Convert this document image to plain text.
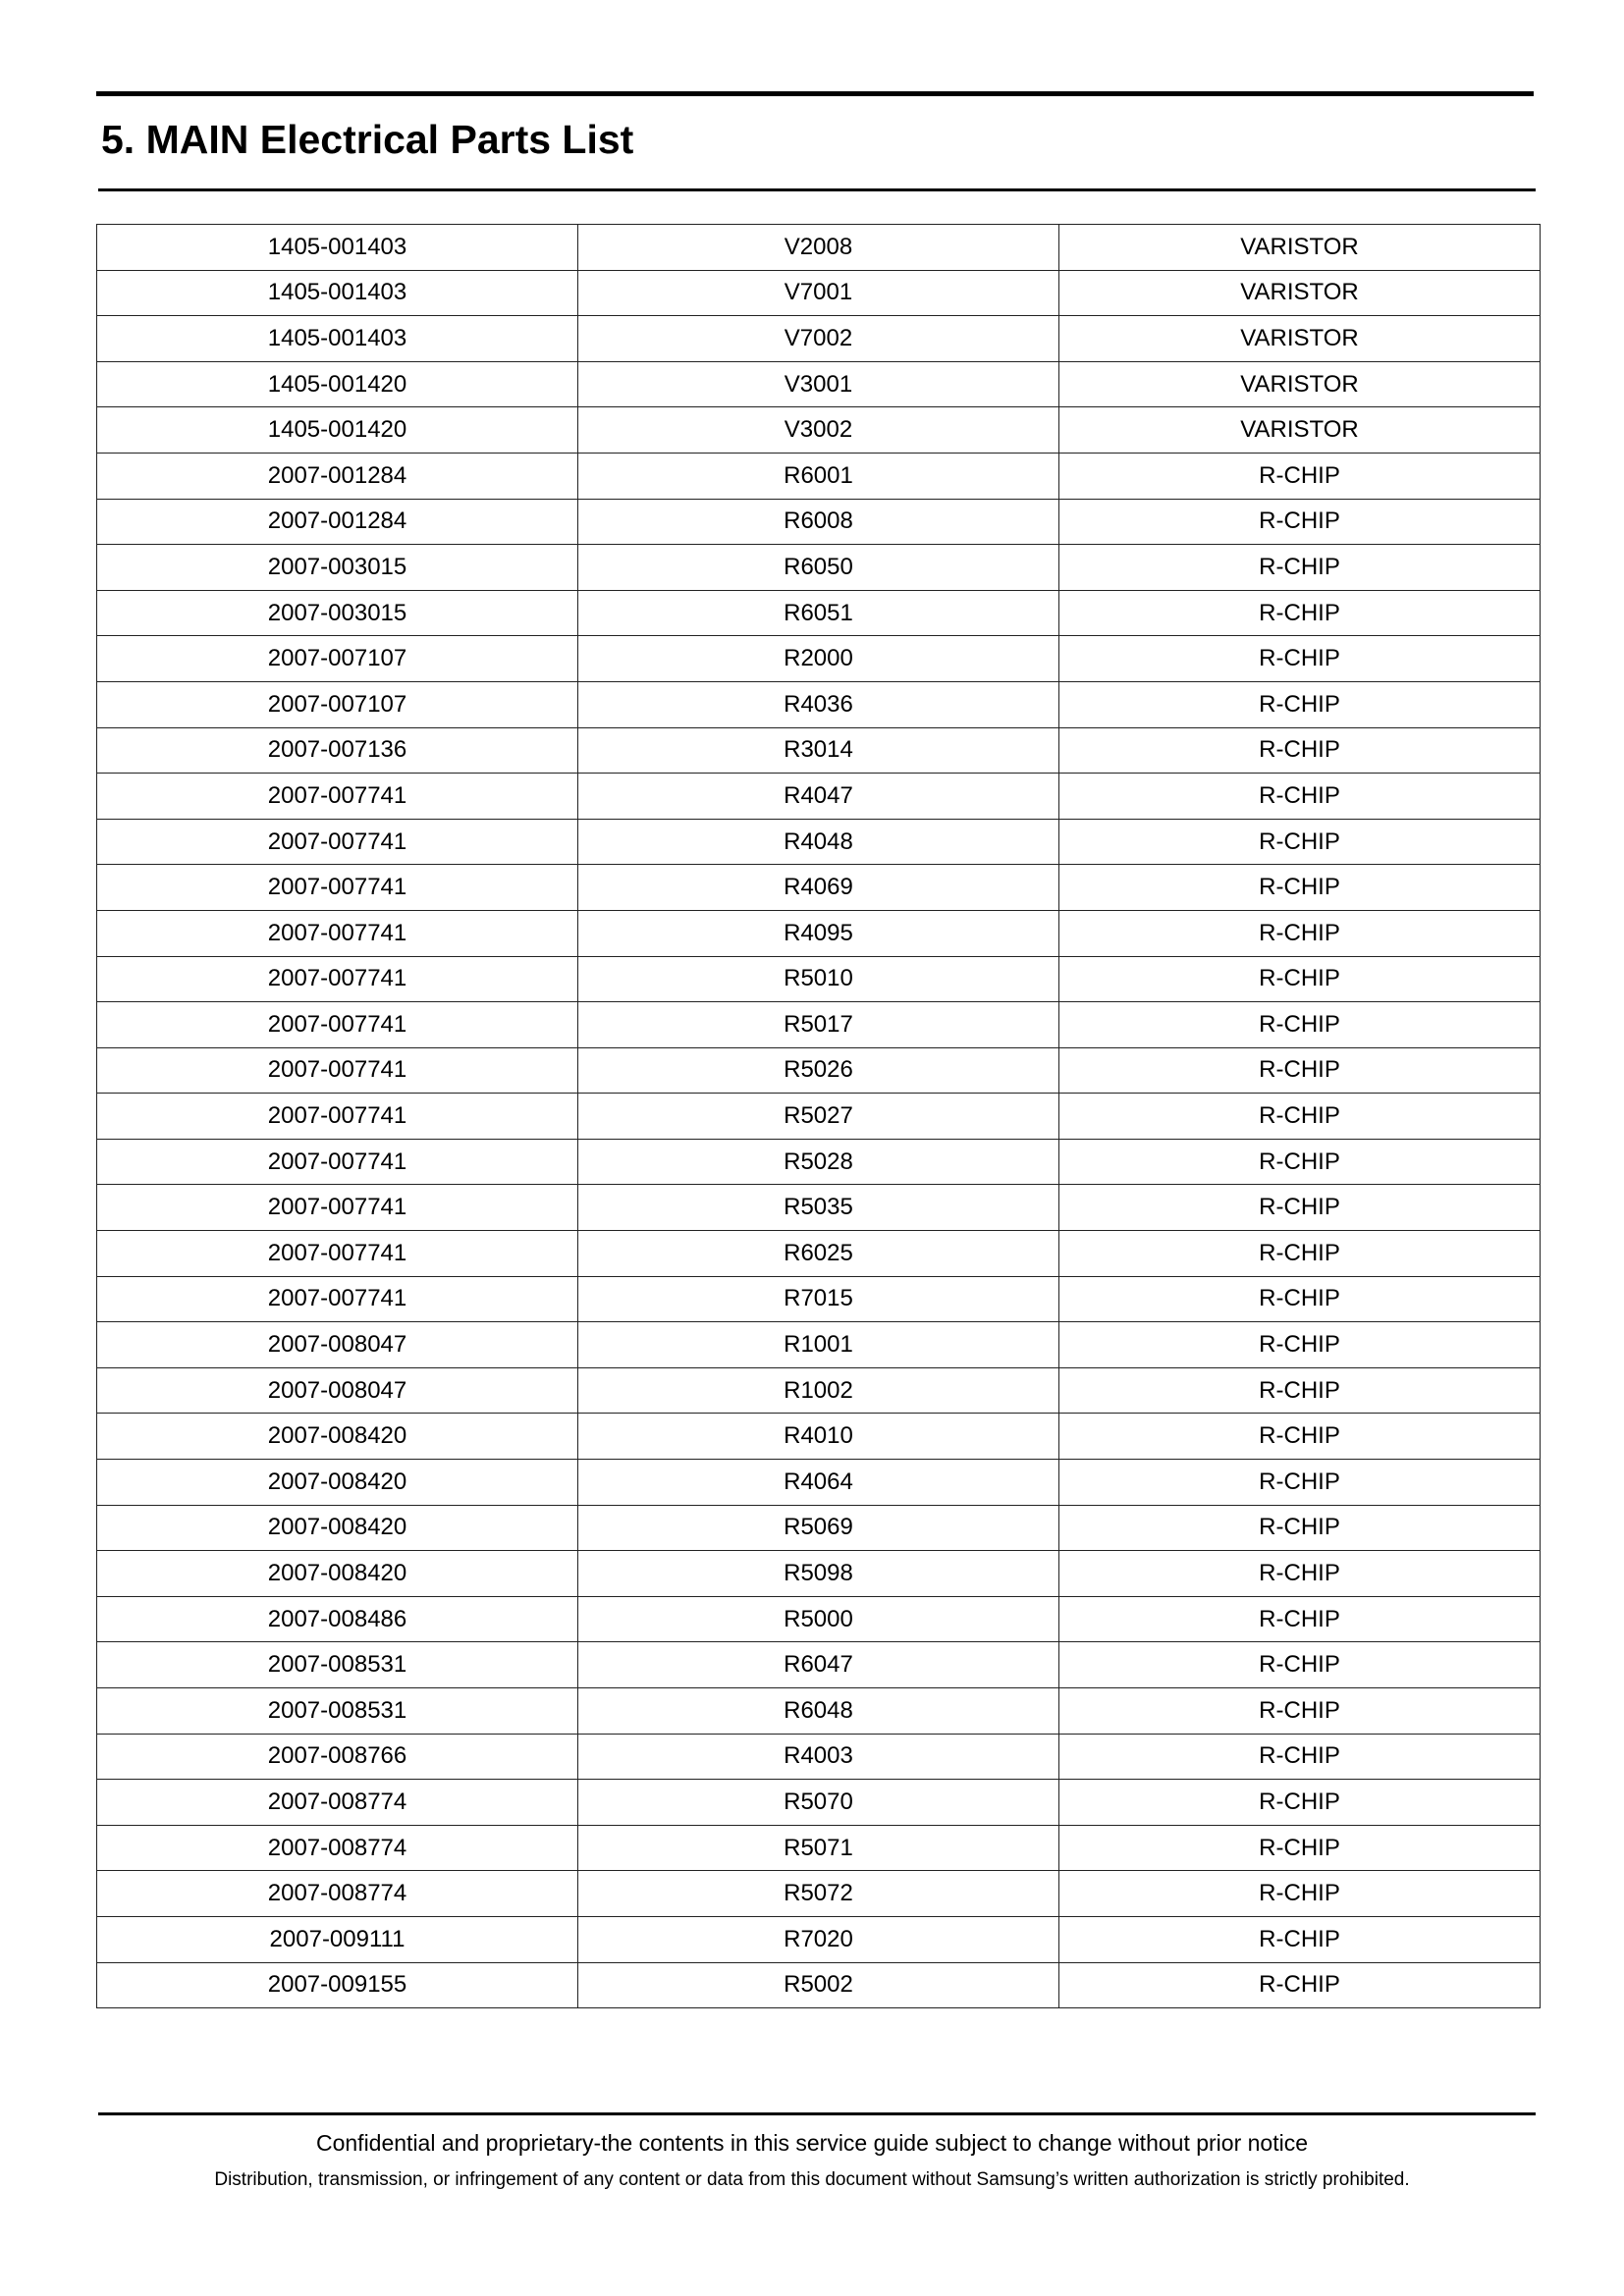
5. MAIN Electrical Parts List
1405-001403	V2008	VARISTOR
1405-001403	V7001	VARISTOR
1405-001403	V7002	VARISTOR
1405-001420	V3001	VARISTOR
1405-001420	V3002	VARISTOR
2007-001284	R6001	R-CHIP
2007-001284	R6008	R-CHIP
2007-003015	R6050	R-CHIP
2007-003015	R6051	R-CHIP
2007-007107	R2000	R-CHIP
2007-007107	R4036	R-CHIP
2007-007136	R3014	R-CHIP
2007-007741	R4047	R-CHIP
2007-007741	R4048	R-CHIP
2007-007741	R4069	R-CHIP
2007-007741	R4095	R-CHIP
2007-007741	R5010	R-CHIP
2007-007741	R5017	R-CHIP
2007-007741	R5026	R-CHIP
2007-007741	R5027	R-CHIP
2007-007741	R5028	R-CHIP
2007-007741	R5035	R-CHIP
2007-007741	R6025	R-CHIP
2007-007741	R7015	R-CHIP
2007-008047	R1001	R-CHIP
2007-008047	R1002	R-CHIP
2007-008420	R4010	R-CHIP
2007-008420	R4064	R-CHIP
2007-008420	R5069	R-CHIP
2007-008420	R5098	R-CHIP
2007-008486	R5000	R-CHIP
2007-008531	R6047	R-CHIP
2007-008531	R6048	R-CHIP
2007-008766	R4003	R-CHIP
2007-008774	R5070	R-CHIP
2007-008774	R5071	R-CHIP
2007-008774	R5072	R-CHIP
2007-009111	R7020	R-CHIP
2007-009155	R5002	R-CHIP
Confidential and proprietary-the contents in this service guide subject to change without prior notice
Distribution, transmission, or infringement of any content or data from this document without Samsung’s written authorization is strictly prohibited.
